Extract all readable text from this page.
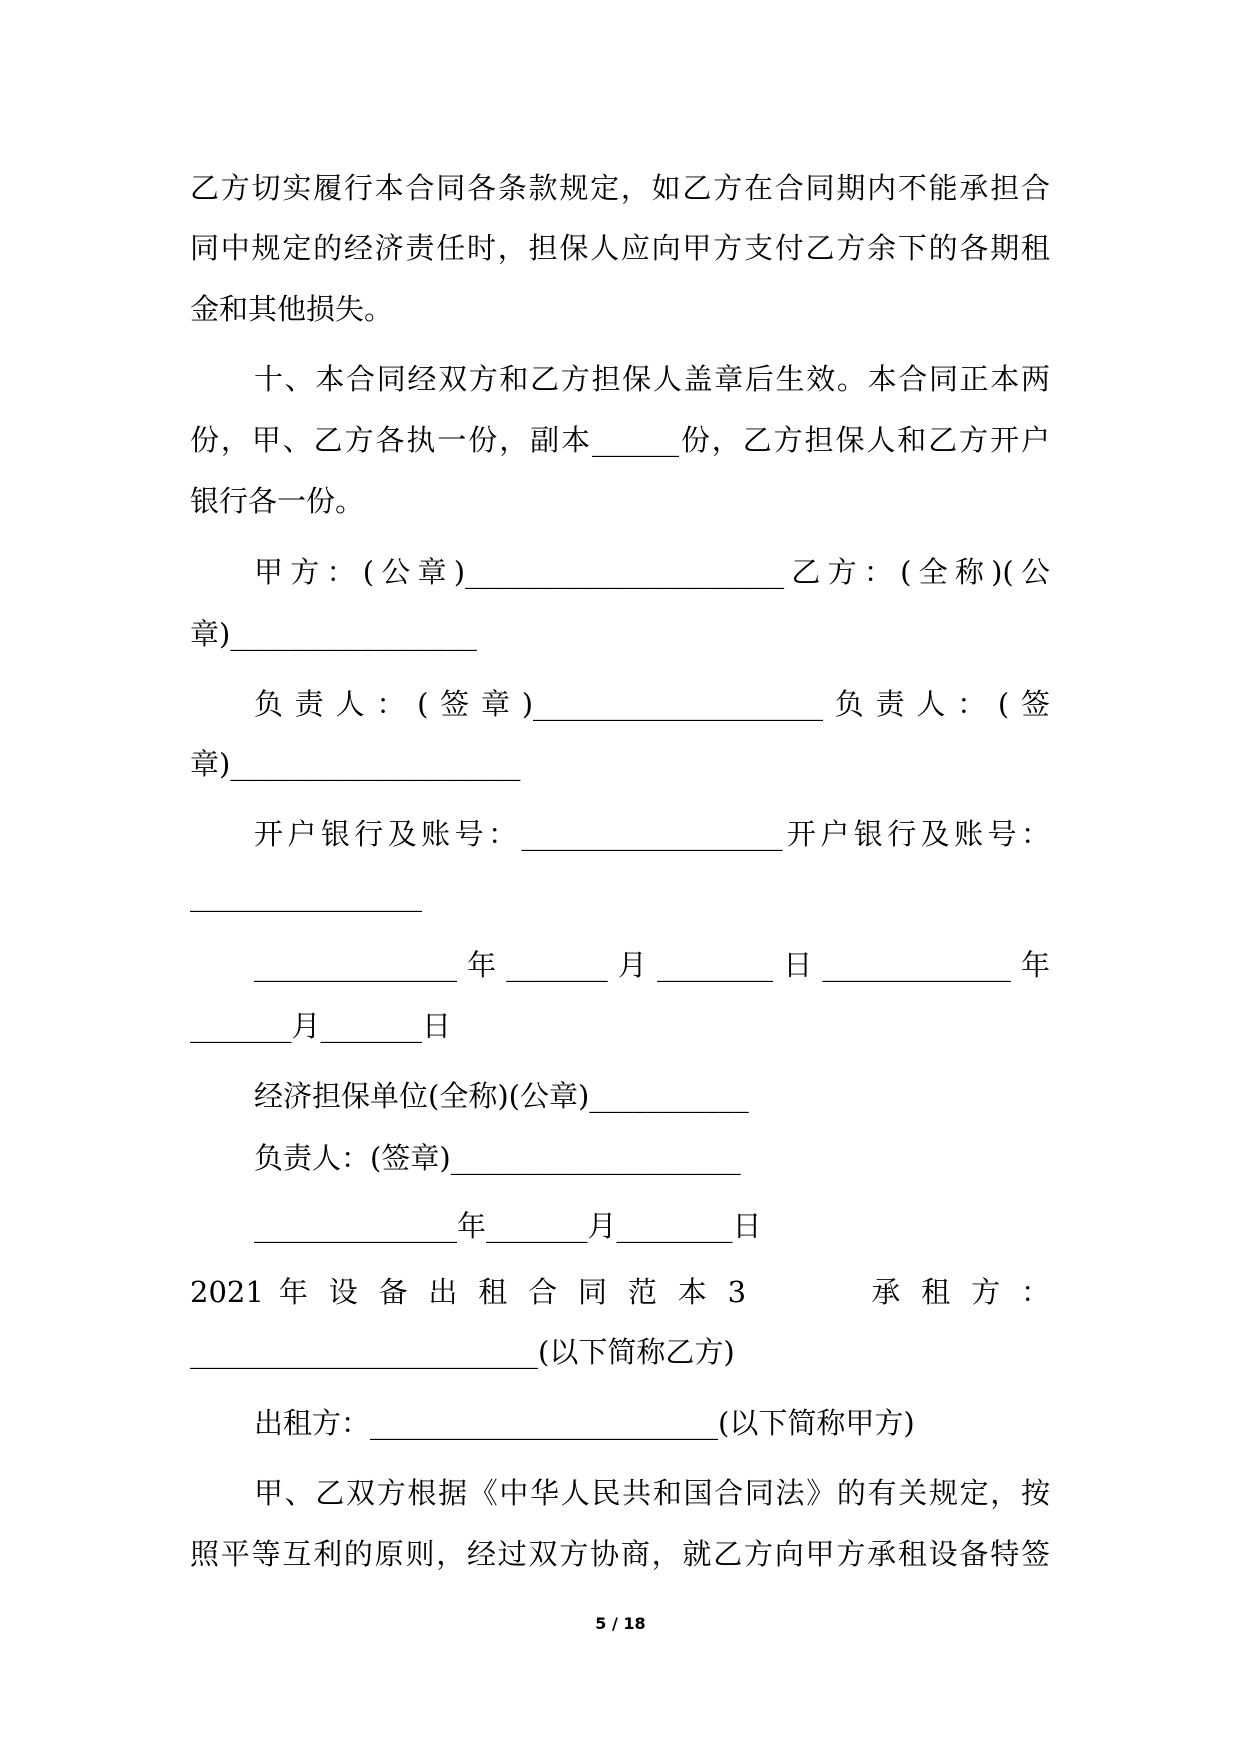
乙方切实履行本合同各条款规定，如乙方在合同期内不能承担合
同中规定的经济责任时，担保人应向甲方支付乙方余下的各期租
金和其他损失。
十、本合同经双方和乙方担保人盖章后生效。本合同正本两
份，甲、乙方各执一份，副本______份，乙方担保人和乙方开户
银行各一份。
甲方：(公章)______________________乙方：(全称)(公
章)_________________
负责人：(签章)____________________负责人：(签
章)____________________
开户银行及账号：__________________开户银行及账号：
________________
______________年_______月________日_____________年
_______月_______日
经济担保单位(全称)(公章)___________
负责人：(签章)____________________
______________年_______月________日
2021 年 设 备 出 租 合 同 范 本 3　　　 承 租 方 ：
________________________(以下简称乙方)
出租方：________________________(以下简称甲方)
甲、乙双方根据《中华人民共和国合同法》的有关规定，按
照平等互利的原则，经过双方协商，就乙方向甲方承租设备特签
5 / 18
